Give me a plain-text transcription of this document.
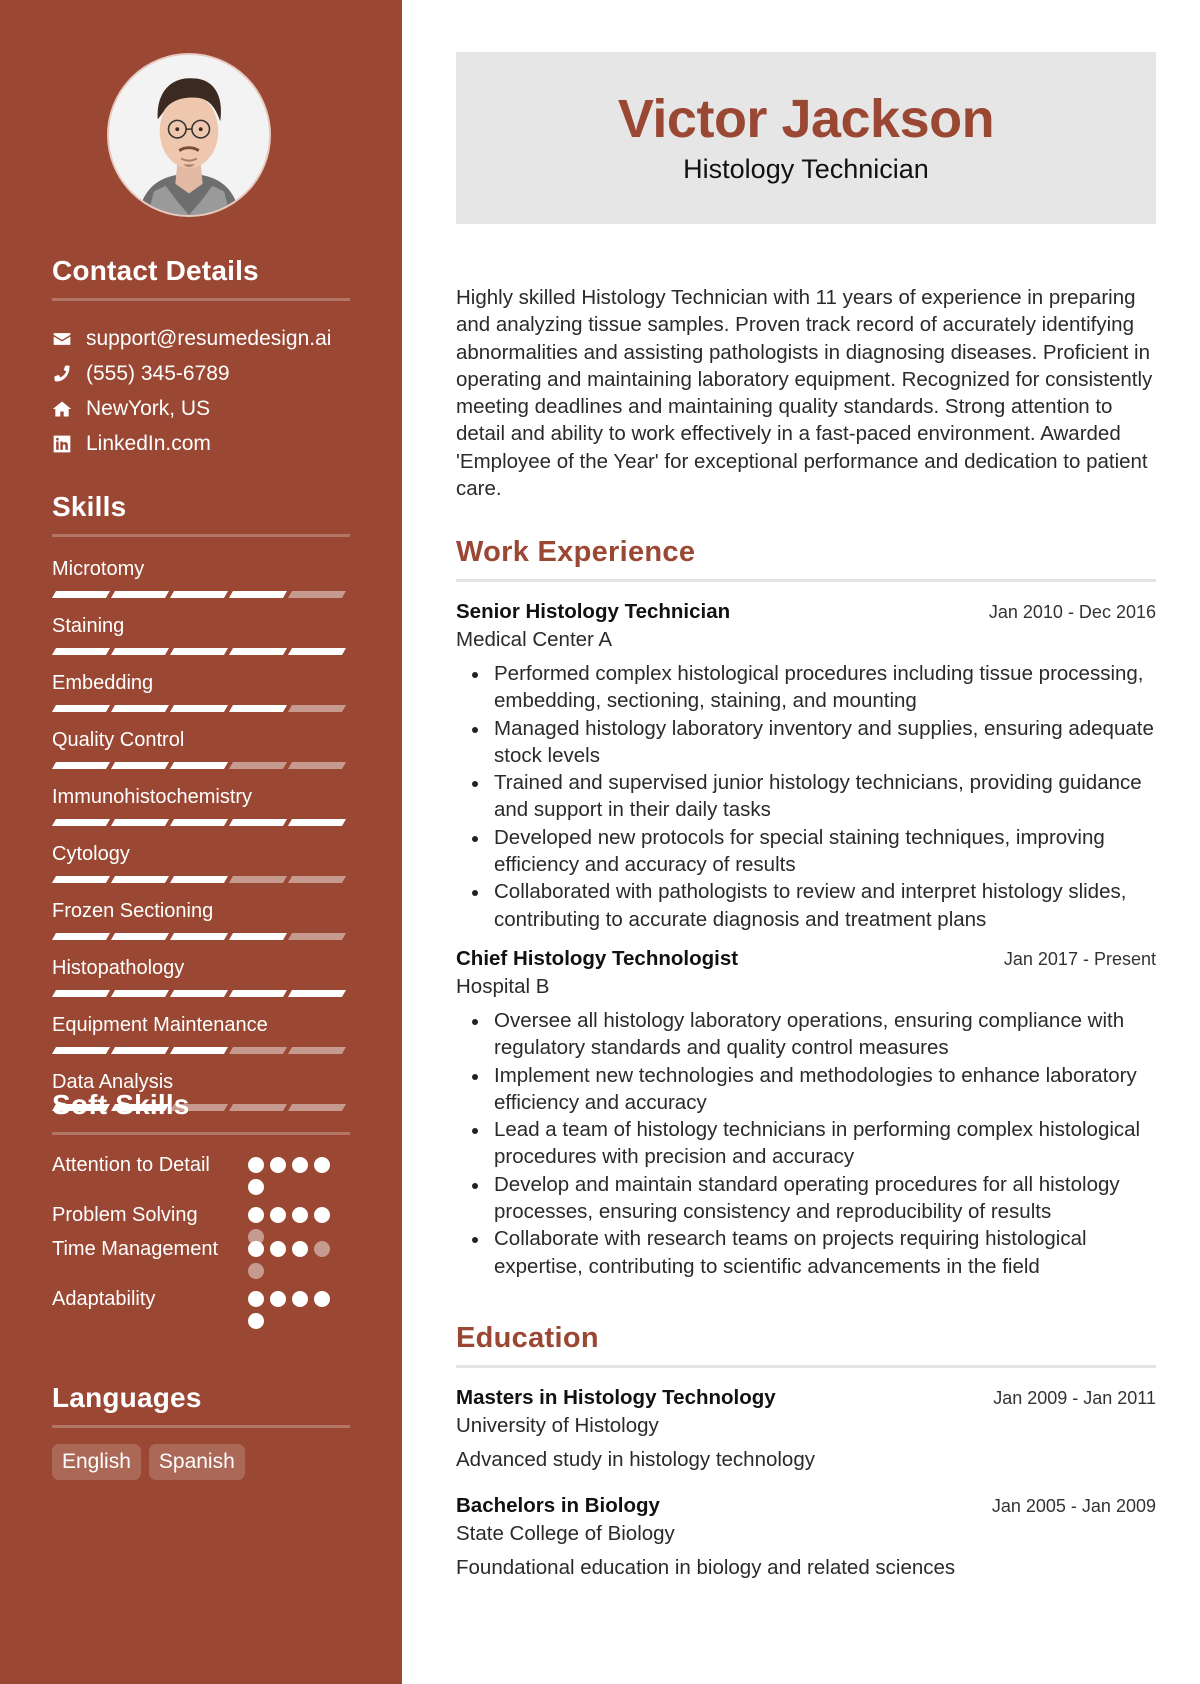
Contact Details
support@resumedesign.ai
(555) 345-6789
NewYork, US
LinkedIn.com
Skills
Microtomy
Staining
Embedding
Quality Control
Immunohistochemistry
Cytology
Frozen Sectioning
Histopathology
Equipment Maintenance
Data Analysis
Soft Skills
Attention to Detail
Problem Solving
Time Management
Adaptability
Languages
English	Spanish
Victor Jackson
Histology Technician

Highly skilled Histology Technician with 11 years of experience in preparing and analyzing tissue samples. Proven track record of accurately identifying abnormalities and assisting pathologists in diagnosing diseases. Proficient in operating and maintaining laboratory equipment. Recognized for consistently meeting deadlines and maintaining quality standards. Strong attention to detail and ability to work effectively in a fast-paced environment. Awarded 'Employee of the Year' for exceptional performance and dedication to patient care.

Work Experience
Senior Histology Technician	Jan 2010 - Dec 2016
Medical Center A
Performed complex histological procedures including tissue processing, embedding, sectioning, staining, and mounting
Managed histology laboratory inventory and supplies, ensuring adequate stock levels
Trained and supervised junior histology technicians, providing guidance and support in their daily tasks
Developed new protocols for special staining techniques, improving efficiency and accuracy of results
Collaborated with pathologists to review and interpret histology slides, contributing to accurate diagnosis and treatment plans
Chief Histology Technologist	Jan 2017 - Present
Hospital B
Oversee all histology laboratory operations, ensuring compliance with regulatory standards and quality control measures
Implement new technologies and methodologies to enhance laboratory efficiency and accuracy
Lead a team of histology technicians in performing complex histological procedures with precision and accuracy
Develop and maintain standard operating procedures for all histology processes, ensuring consistency and reproducibility of results
Collaborate with research teams on projects requiring histological expertise, contributing to scientific advancements in the field
Education
Masters in Histology Technology	Jan 2009 - Jan 2011
University of Histology
Advanced study in histology technology
Bachelors in Biology	Jan 2005 - Jan 2009
State College of Biology
Foundational education in biology and related sciences
